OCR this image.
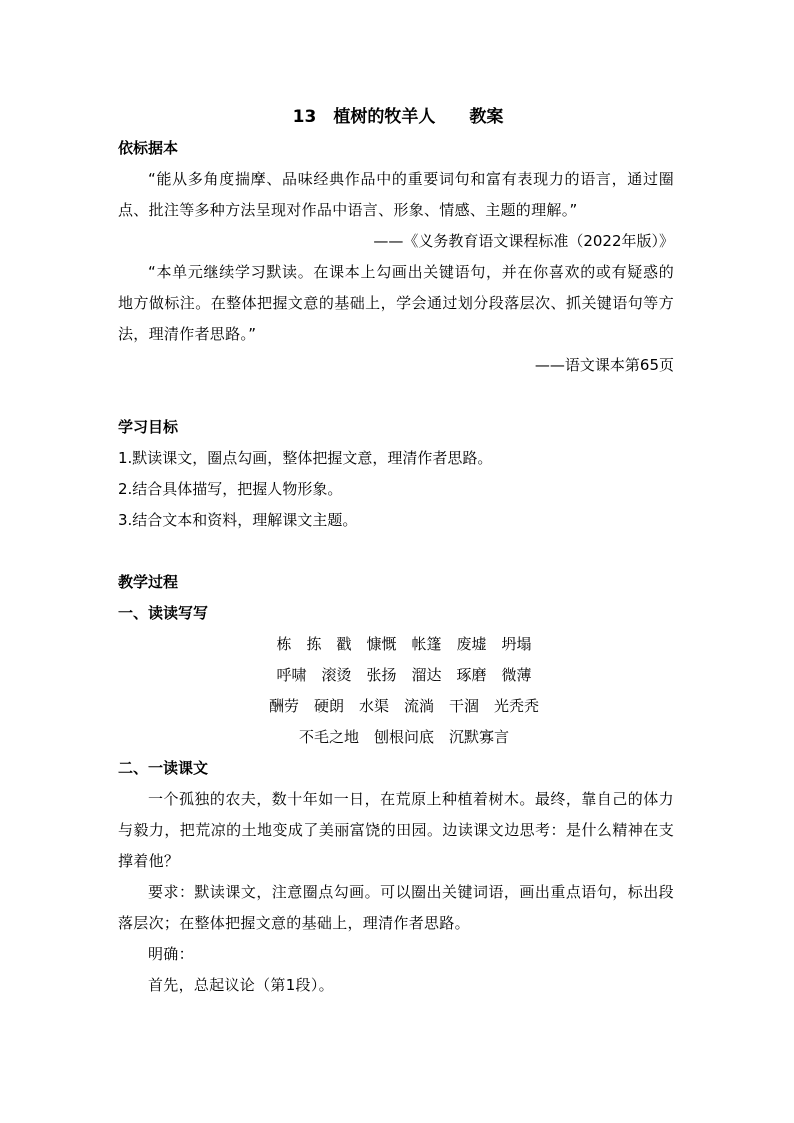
13　植树的牧羊人　　教案

依标据本

“能从多角度揣摩、品味经典作品中的重要词句和富有表现力的语言，通过圈点、批注等多种方法呈现对作品中语言、形象、情感、主题的理解。”

——《义务教育语文课程标准（2022年版）》

“本单元继续学习默读。在课本上勾画出关键语句，并在你喜欢的或有疑惑的地方做标注。在整体把握文意的基础上，学会通过划分段落层次、抓关键语句等方法，理清作者思路。”

——语文课本第65页

学习目标

1.默读课文，圈点勾画，整体把握文意，理清作者思路。

2.结合具体描写，把握人物形象。

3.结合文本和资料，理解课文主题。

教学过程

一、读读写写

栋 拣 戳 慷慨 帐篷 废墟 坍塌

呼啸 滚烫 张扬 溜达 琢磨 微薄

酬劳 硬朗 水渠 流淌 干涸 光秃秃

不毛之地 刨根问底 沉默寡言

二、一读课文

一个孤独的农夫，数十年如一日，在荒原上种植着树木。最终，靠自己的体力与毅力，把荒凉的土地变成了美丽富饶的田园。边读课文边思考：是什么精神在支撑着他？

要求：默读课文，注意圈点勾画。可以圈出关键词语，画出重点语句，标出段落层次；在整体把握文意的基础上，理清作者思路。

明确：

首先，总起议论（第1段）。
